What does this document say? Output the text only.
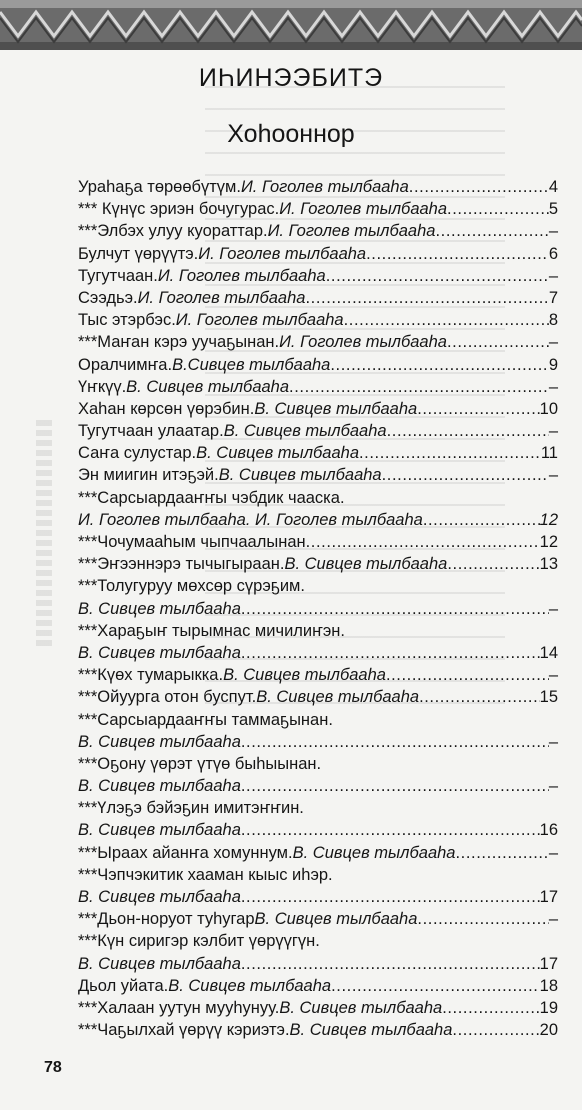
ИҺИНЭЭБИТЭ
Хоһооннор
Ураһаҕа төрөөбүтүм. И. Гоголев тылбааһа .....	4
*** Күнүс эриэн бочугурас. И. Гоголев тылбааһа .....	5
***Элбэх улуу куораттар. И. Гоголев тылбааһа .....	–
Булчут үөрүүтэ. И. Гоголев тылбааһа .....	6
Тугутчаан. И. Гоголев тылбааһа .....	–
Сээдьэ. И. Гоголев тылбааһа .....	7
Тыс этэрбэс. И. Гоголев тылбааһа .....	8
***Маҥан кэрэ уучаҕынан. И. Гоголев тылбааһа .....	–
Оралчимҥа. В.Сивцев тылбааһа .....	9
Үҥкүү. В. Сивцев тылбааһа .....	–
Хаһан көрсөн үөрэбин. В. Сивцев тылбааһа .....	10
Тугутчаан улаатар. В. Сивцев тылбааһа .....	–
Саҥа сулустар. В. Сивцев тылбааһа .....	11
Эн миигин итэҕэй. В. Сивцев тылбааһа .....	–
***Сарсыардааҥҥы чэбдик чааска.
И. Гоголев тылбааһа. И. Гоголев тылбааһа .....	12
***Чочумааһым чыпчаалынан .....	12
***Эҥээннэрэ тычыгыраан. В. Сивцев тылбааһа .....	13
***Толугуруу мөхсөр сүрэҕим.
В. Сивцев тылбааһа .....	–
***Хараҕыҥ тырымнас мичилиҥэн.
В. Сивцев тылбааһа .....	14
***Күөх тумарыкка. В. Сивцев тылбааһа .....	–
***Ойуурга отон буспут. В. Сивцев тылбааһа .....	15
***Сарсыардааҥҥы таммаҕынан.
В. Сивцев тылбааһа .....	–
***Оҕону үөрэт үтүө быһыынан.
В. Сивцев тылбааһа .....	–
***Үлэҕэ бэйэҕин имитэҥҥин.
В. Сивцев тылбааһа .....	16
***Ыраах айанҥа хомуннум. В. Сивцев тылбааһа .....	–
***Чэпчэкитик хааман кыыс иһэр.
В. Сивцев тылбааһа .....	17
***Дьон-норуот туһугар В. Сивцев тылбааһа .....	–
***Күн сиригэр кэлбит үөрүүгүн.
В. Сивцев тылбааһа .....	17
Дьол уйата. В. Сивцев тылбааһа .....	18
***Халаан уутун мууһунуу. В. Сивцев тылбааһа .....	19
***Чаҕылхай үөрүү кэриэтэ. В. Сивцев тылбааһа .....	20
78
